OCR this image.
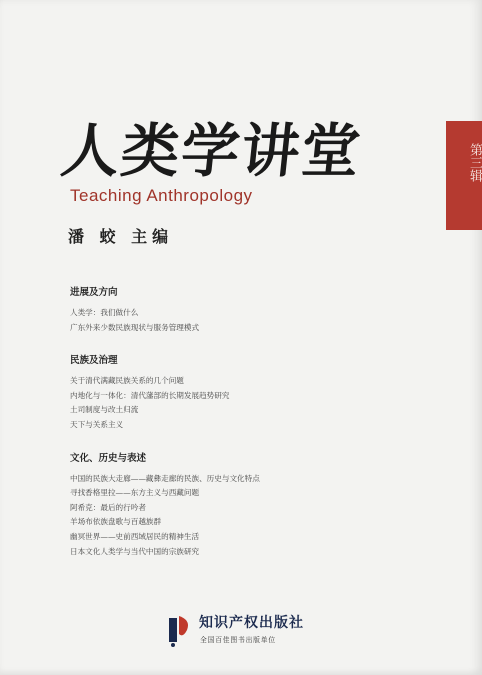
人类学讲堂
Teaching Anthropology
第三辑
潘 蛟 主编
进展及方向
人类学：我们做什么
广东外来少数民族现状与服务管理模式
民族及治理
关于清代满藏民族关系的几个问题
内地化与一体化：清代藩部的长期发展趋势研究
土司制度与改土归流
天下与关系主义
文化、历史与表述
中国的民族大走廊——藏彝走廊的民族、历史与文化特点
寻找香格里拉——东方主义与西藏问题
阿希克：最后的行吟者
羊场布依族盘歌与百越族群
幽冥世界——史前西域居民的精神生活
日本文化人类学与当代中国的宗族研究
知识产权出版社
全国百佳图书出版单位
